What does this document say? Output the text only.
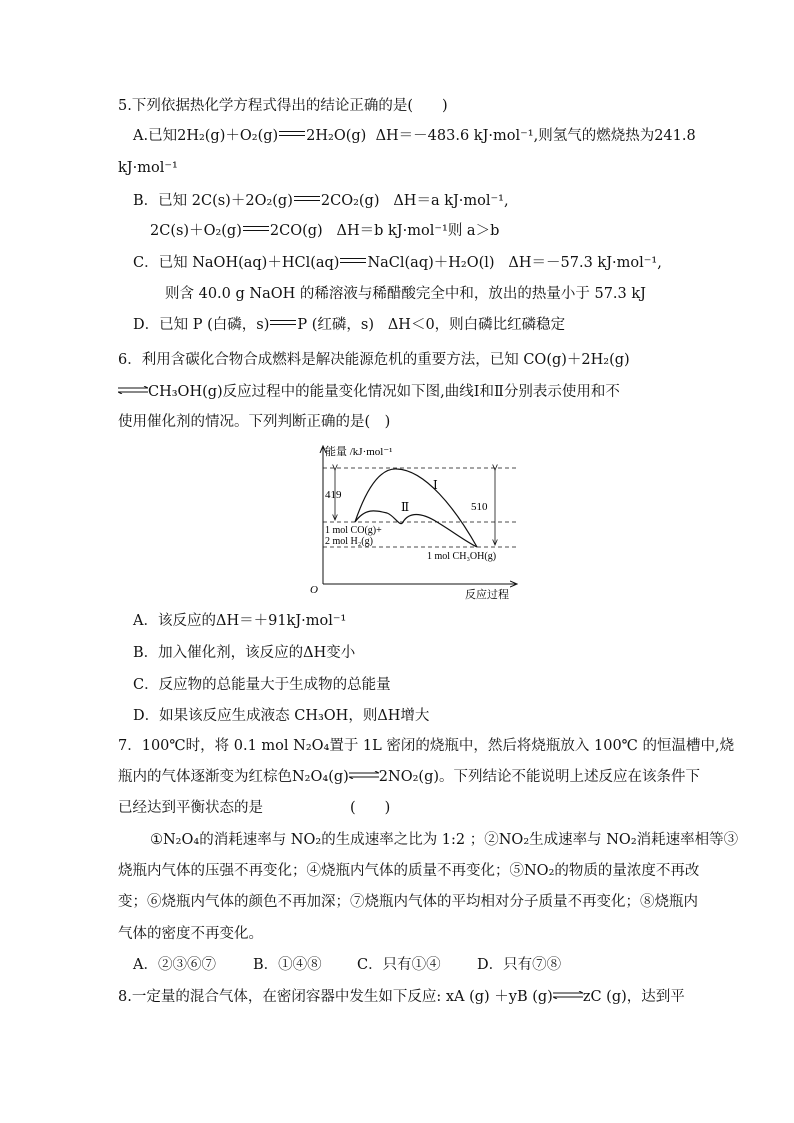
5.下列依据热化学方程式得出的结论正确的是(　　)
A.已知2H₂(g)＋O₂(g) 2H₂O(g) ΔH＝－483.6 kJ·mol⁻¹,则氢气的燃烧热为241.8
kJ·mol⁻¹
B．已知 2C(s)＋2O₂(g) 2CO₂(g) ΔH＝a kJ·mol⁻¹,
2C(s)＋O₂(g) 2CO(g) ΔH＝b kJ·mol⁻¹则 a＞b
C．已知 NaOH(aq)＋HCl(aq) NaCl(aq)＋H₂O(l) ΔH＝－57.3 kJ·mol⁻¹,
则含 40.0 g NaOH 的稀溶液与稀醋酸完全中和，放出的热量小于 57.3 kJ
D．已知 P (白磷，s) P (红磷，s) ΔH＜0，则白磷比红磷稳定
6．利用含碳化合物合成燃料是解决能源危机的重要方法，已知 CO(g)＋2H₂(g)
⇌CH₃OH(g)反应过程中的能量变化情况如下图,曲线Ⅰ和Ⅱ分别表示使用和不
使用催化剂的情况。下列判断正确的是(　)
能量 /kJ·mol⁻¹
反应过程
O
419
510
Ⅰ
Ⅱ
1 mol CO(g)+
2 mol H₂(g)
1 mol CH₃OH(g)
A．该反应的ΔH＝＋91kJ·mol⁻¹
B．加入催化剂，该反应的ΔH变小
C．反应物的总能量大于生成物的总能量
D．如果该反应生成液态 CH₃OH，则ΔH增大
7．100℃时，将 0.1 mol N₂O₄置于 1L 密闭的烧瓶中，然后将烧瓶放入 100℃ 的恒温槽中,烧
瓶内的气体逐渐变为红棕色N₂O₄(g)⇌2NO₂(g)。下列结论不能说明上述反应在该条件下
已经达到平衡状态的是　　　　　　(　　)
①N₂O₄的消耗速率与 NO₂的生成速率之比为 1:2 ；②NO₂生成速率与 NO₂消耗速率相等③
烧瓶内气体的压强不再变化；④烧瓶内气体的质量不再变化；⑤NO₂的物质的量浓度不再改
变；⑥烧瓶内气体的颜色不再加深；⑦烧瓶内气体的平均相对分子质量不再变化；⑧烧瓶内
气体的密度不再变化。
A．②③⑥⑦	B．①④⑧ C．只有①④	D．只有⑦⑧
8.一定量的混合气体，在密闭容器中发生如下反应: xA (g) ＋yB (g)⇌zC (g)，达到平
